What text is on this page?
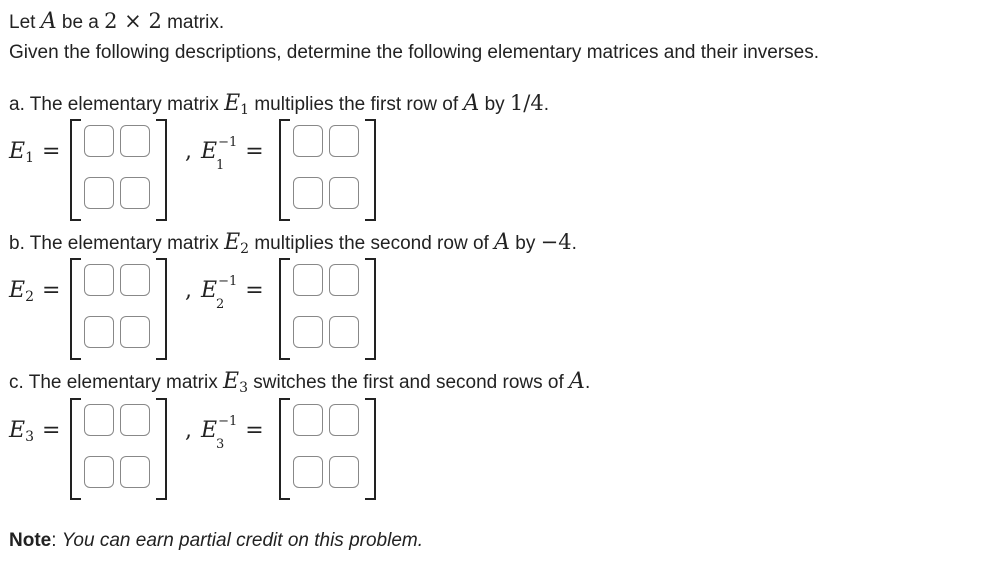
Let A be a 2 × 2 matrix.
Given the following descriptions, determine the following elementary matrices and their inverses.
a. The elementary matrix $E_1$ multiplies the first row of A by 1/4.
$E_1$ =	, $E^{-1}$
1
=
b. The elementary matrix $E_2$ multiplies the second row of A by −4.
$E_2$ =	, $E^{-1}$
2
=
c. The elementary matrix $E_3$ switches the first and second rows of A.
$E_3$ =	, $E^{-1}$
3
=
Note: You can earn partial credit on this problem.
